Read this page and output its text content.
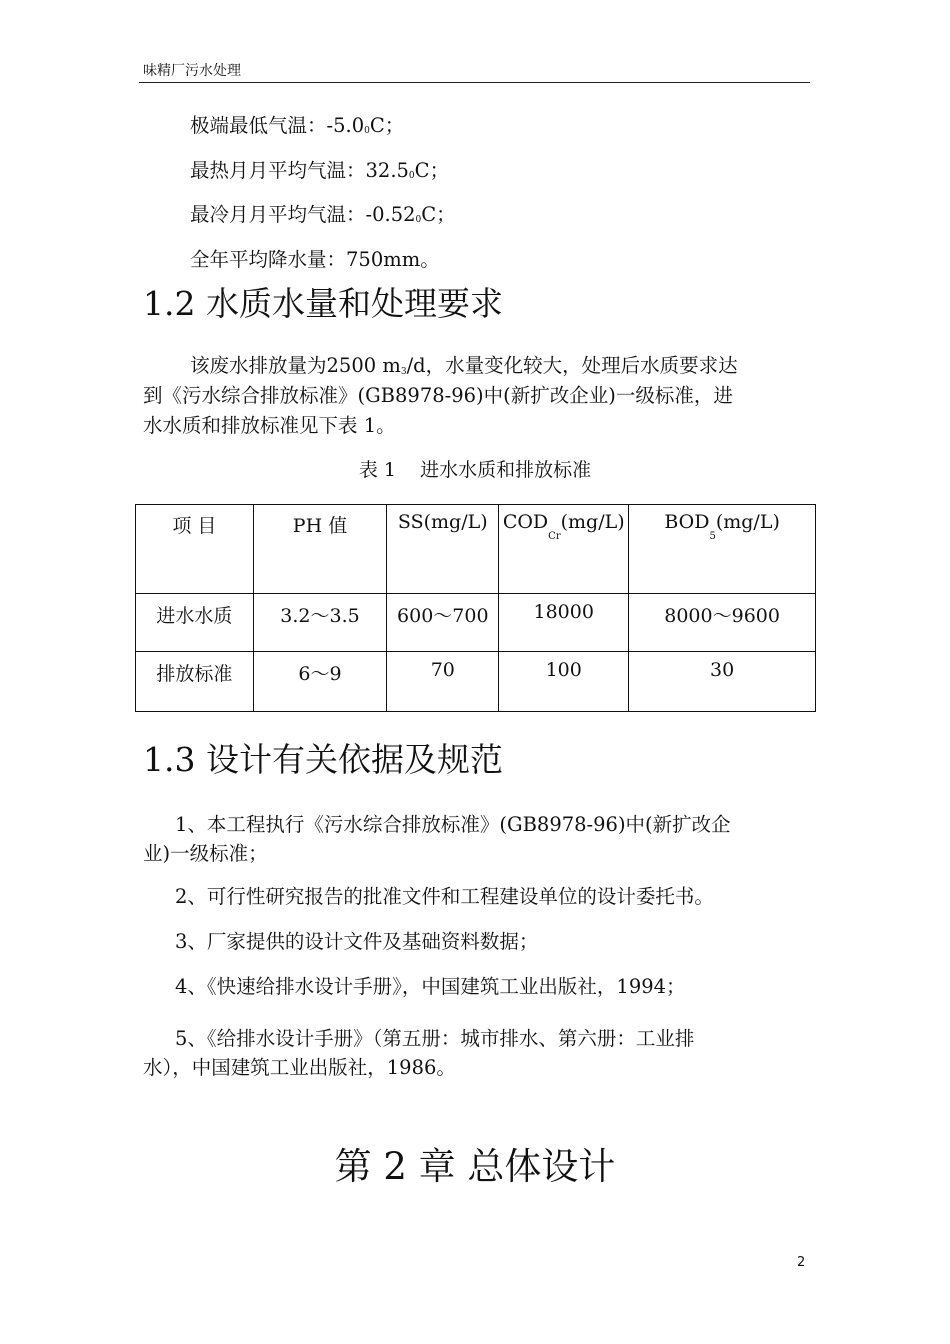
味精厂污水处理
极端最低气温：-5.00C；
最热月月平均气温：32.50C；
最冷月月平均气温：-0.520C；
全年平均降水量：750mm。
1.2 水质水量和处理要求
该废水排放量为2500 m3/d，水量变化较大，处理后水质要求达
到《污水综合排放标准》(GB8978-96)中(新扩改企业)一级标准，进
水水质和排放标准见下表 1。
表 1    进水水质和排放标准
项 目	PH 值	SS(mg/L)	$COD_{Cr}(mg/L)$	$BOD_5(mg/L)$
进水水质	3.2～3.5	600～700	18000	8000～9600
排放标准	6～9	70	100	30
1.3 设计有关依据及规范
1、本工程执行《污水综合排放标准》(GB8978-96)中(新扩改企
业)一级标准；
2、可行性研究报告的批准文件和工程建设单位的设计委托书。
3、厂家提供的设计文件及基础资料数据；
4、《快速给排水设计手册》，中国建筑工业出版社，1994；
5、《给排水设计手册》（第五册：城市排水、第六册：工业排
水），中国建筑工业出版社，1986。
第 2 章 总体设计
2
